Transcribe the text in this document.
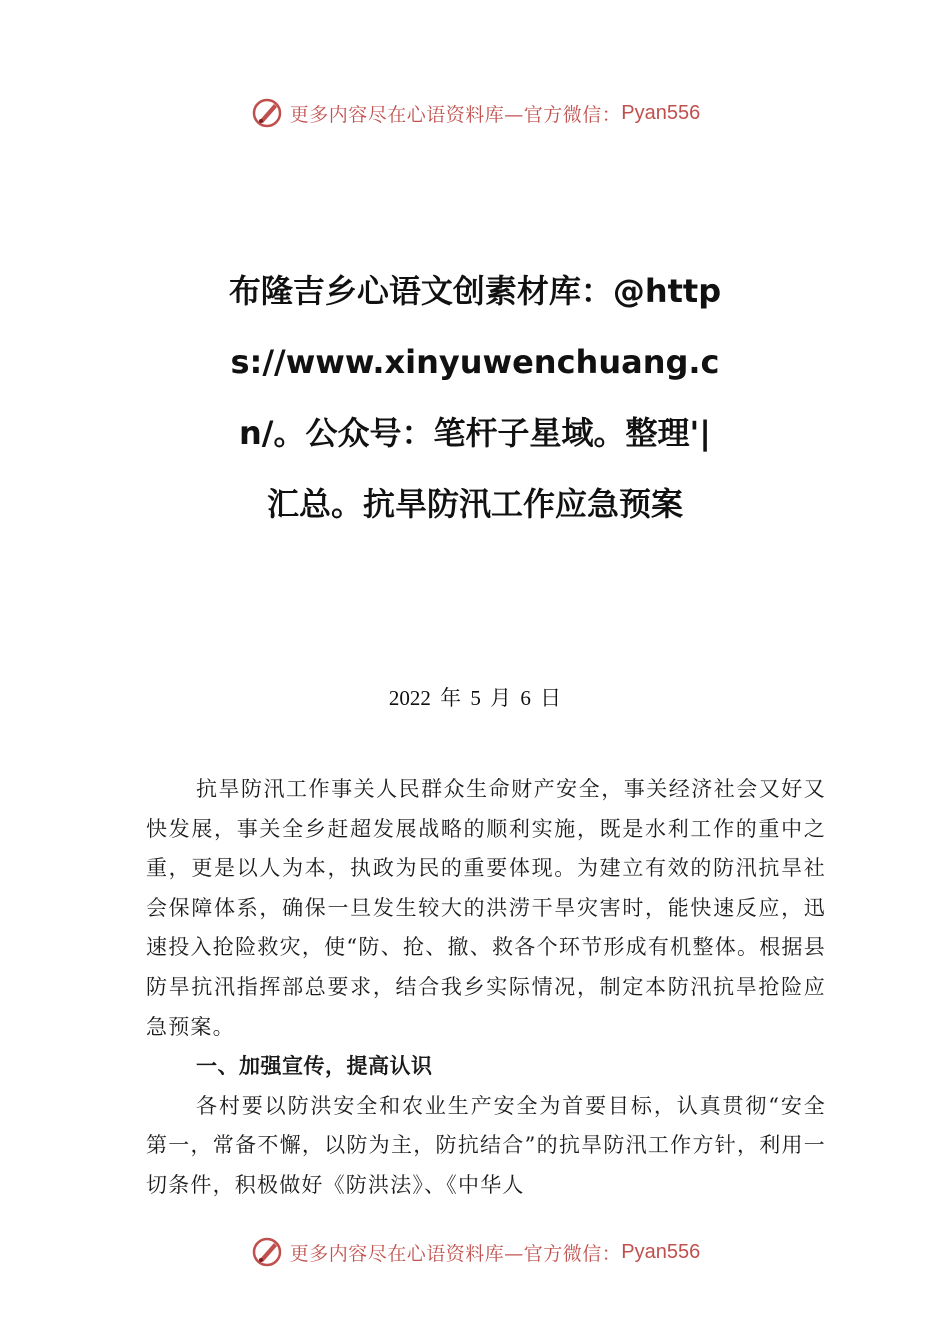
更多内容尽在心语资料库—官方微信： Pyan556
布隆吉乡心语文创素材库：@https://www.xinyuwenchuang.cn/。公众号：笔杆子星域。整理'|汇总。抗旱防汛工作应急预案
2022 年 5 月 6 日

抗旱防汛工作事关人民群众生命财产安全，事关经济社会又好又快发展，事关全乡赶超发展战略的顺利实施，既是水利工作的重中之重，更是以人为本，执政为民的重要体现。为建立有效的防汛抗旱社会保障体系，确保一旦发生较大的洪涝干旱灾害时，能快速反应，迅速投入抢险救灾，使“防、抢、撤、救各个环节形成有机整体。根据县防旱抗汛指挥部总要求，结合我乡实际情况，制定本防汛抗旱抢险应急预案。

一、加强宣传，提高认识

各村要以防洪安全和农业生产安全为首要目标，认真贯彻“安全第一，常备不懈，以防为主，防抗结合”的抗旱防汛工作方针，利用一切条件，积极做好《防洪法》、《中华人

更多内容尽在心语资料库—官方微信： Pyan556
